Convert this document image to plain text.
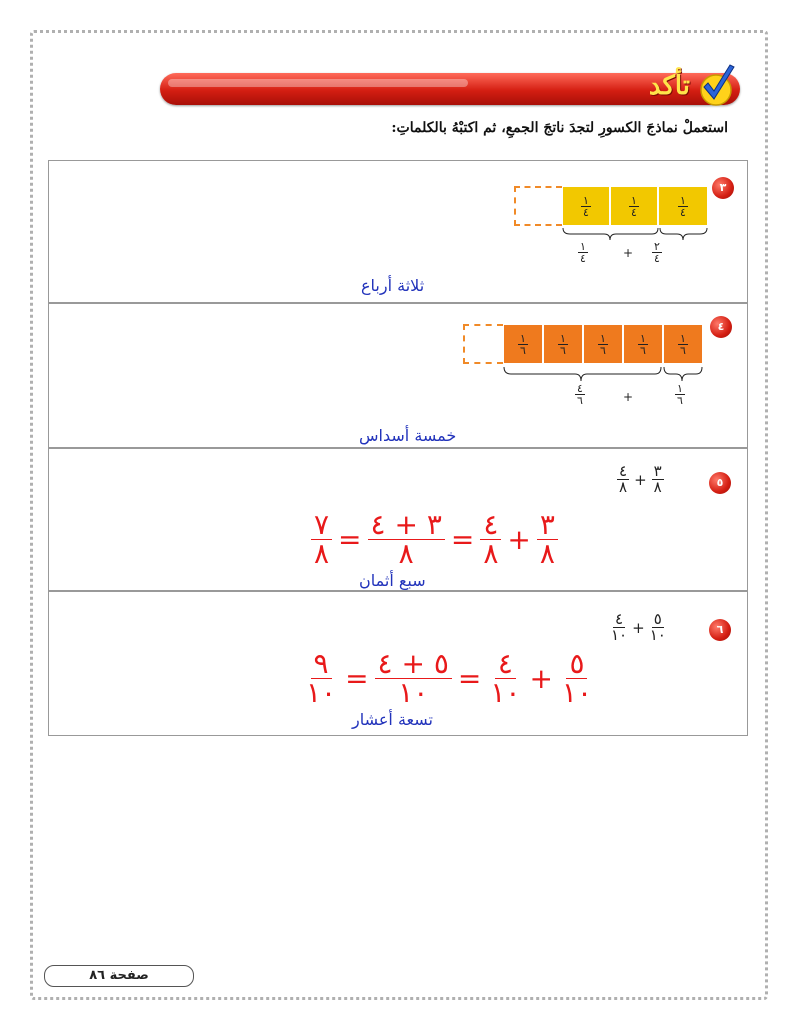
تأكد
استعملْ نماذجَ الكسورِ لتجدَ ناتجَ الجمعِ، ثم اكتبْهُ بالكلماتِ:
٣
$\frac{١}{٤}$	$\frac{١}{٤}$	$\frac{١}{٤}$
١
٤	+ ٢
٤
ثلاثة أرباع
٤
$\frac{١}{٦}$	$\frac{١}{٦}$	$\frac{١}{٦}$	$\frac{١}{٦}$	$\frac{١}{٦}$
٤
٦	+
١
٦
خمسة أسداس
٥
$\frac{٤}{٨} + \frac{٣}{٨}$
$\frac{٧}{٨} = \frac{٣ + ٤}{٨} = \frac{٤}{٨} + \frac{٣}{٨}$
سبع أثمان
٦
$\frac{٤}{١٠} + \frac{٥}{١٠}$
$\frac{٩}{١٠} = \frac{٥ + ٤}{١٠} = \frac{٤}{١٠} + \frac{٥}{١٠}$
تسعة أعشار
صفحة ٨٦
